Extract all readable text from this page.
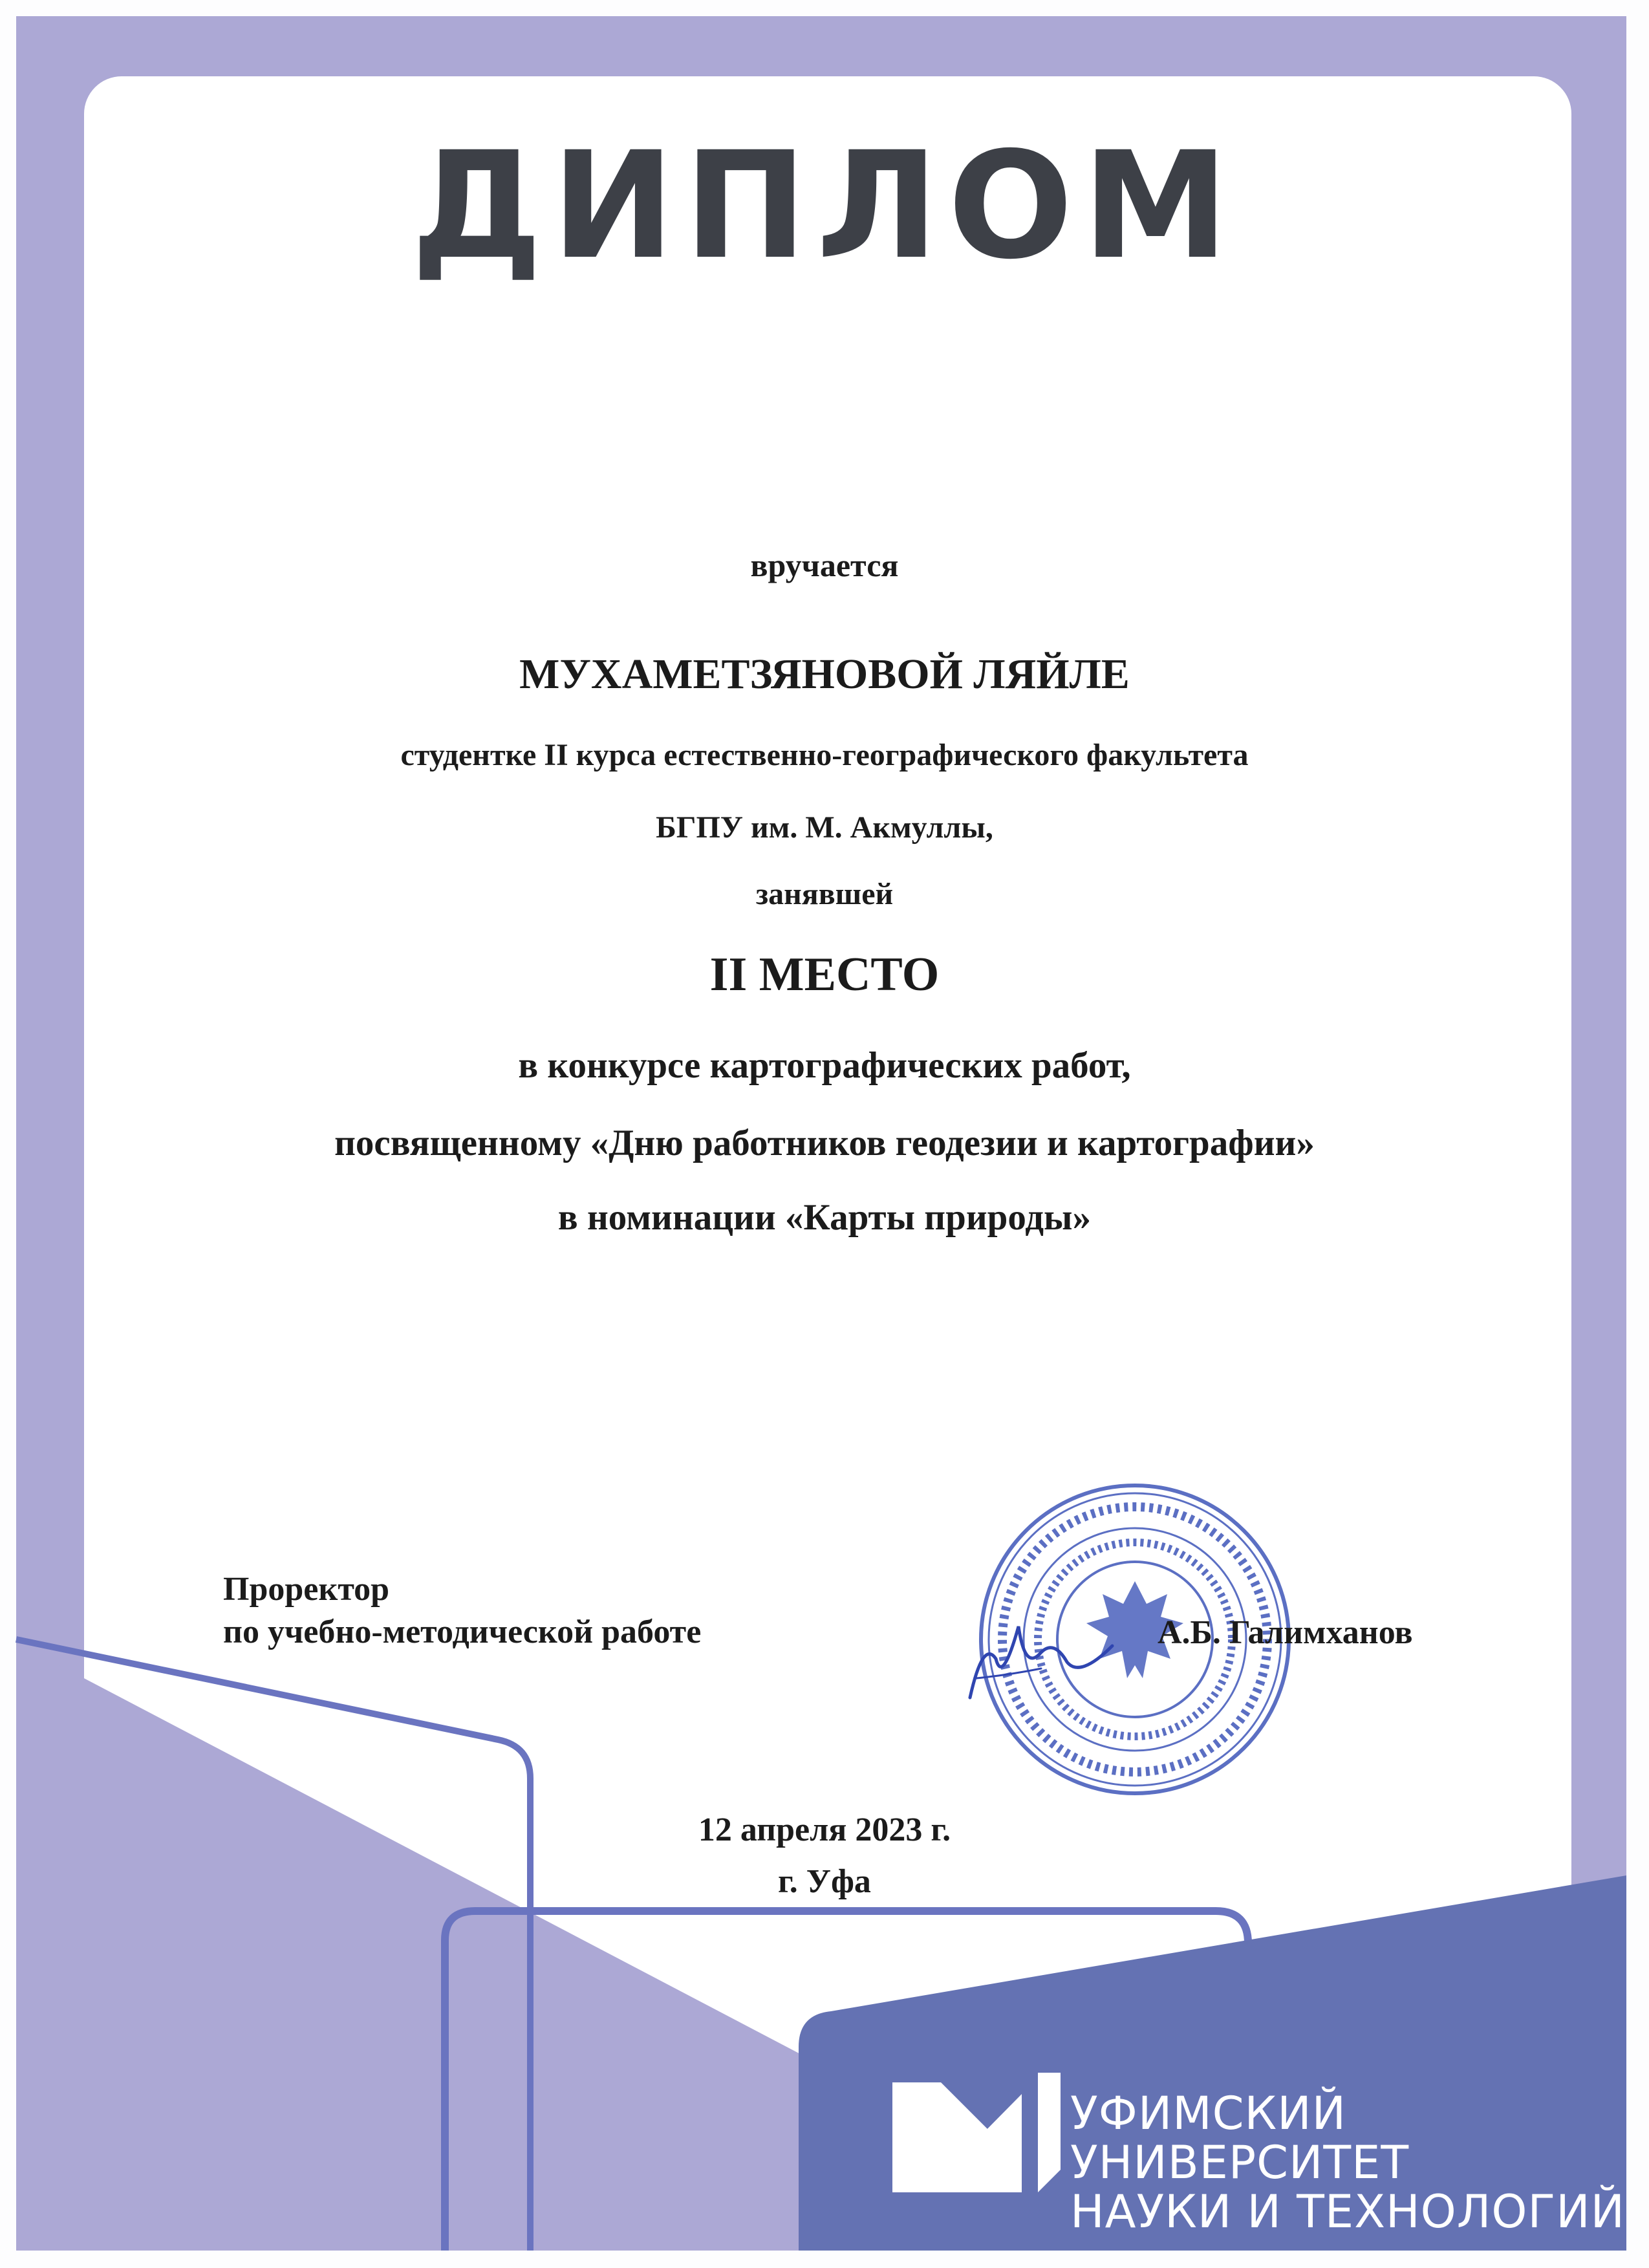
ДИПЛОМ
вручается
МУХАМЕТЗЯНОВОЙ ЛЯЙЛЕ
студентке II курса естественно-географического факультета
БГПУ им. М. Акмуллы,
занявшей
II МЕСТО
в конкурсе картографических работ,
посвященному «Дню работников геодезии и картографии»
в номинации «Карты природы»
Проректор
по учебно-методической работе	А.Б. Галимханов
12 апреля 2023 г.
г. Уфа
УФИМСКИЙ
УНИВЕРСИТЕТ
НАУКИ И ТЕХНОЛОГИЙ
